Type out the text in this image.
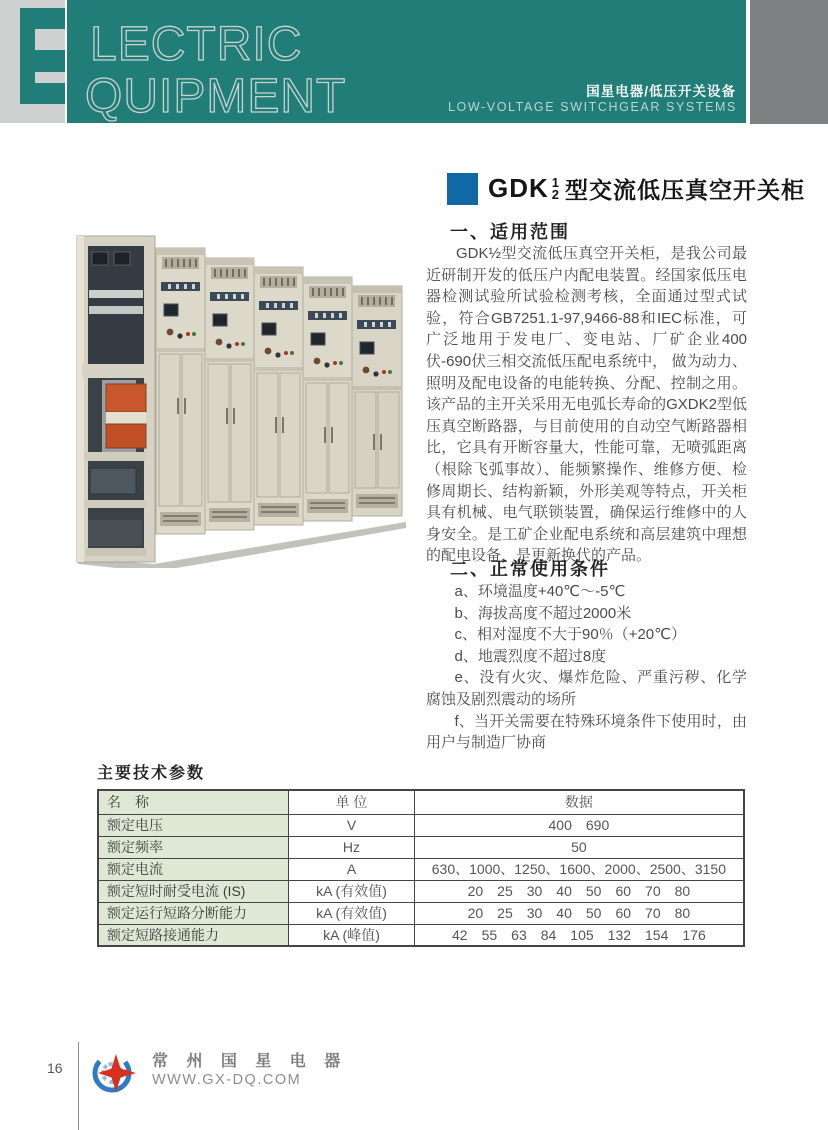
LECTRIC
QUIPMENT	国星电器/低压开关设备
LOW-VOLTAGE SWITCHGEAR SYSTEMS
GDK 1
2 型交流低压真空开关柜
一、适用范围
GDK½型交流低压真空开关柜，是我公司最近研制开发的低压户内配电装置。经国家低压电器检测试验所试验检测考核，全面通过型式试验，符合GB7251.1-97,9466-88和IEC标准，可广泛地用于发电厂、变电站、厂矿企业400伏-690伏三相交流低压配电系统中， 做为动力、照明及配电设备的电能转换、分配、控制之用。该产品的主开关采用无电弧长寿命的GXDK2型低压真空断路器，与目前使用的自动空气断路器相比，它具有开断容量大，性能可靠，无喷弧距离（根除飞弧事故）、能频繁操作、维修方便、检修周期长、结构新颖，外形美观等特点，开关柜具有机械、电气联锁装置，确保运行维修中的人身安全。是工矿企业配电系统和高层建筑中理想的配电设备，是更新换代的产品。
二、正常使用条件

a、环境温度+40℃～-5℃

b、海拔高度不超过2000米

c、相对湿度不大于90％（+20℃）

d、地震烈度不超过8度

e、没有火灾、爆炸危险、严重污秽、化学腐蚀及剧烈震动的场所

f、当开关需要在特殊环境条件下使用时，由用户与制造厂协商

主要技术参数
名　称	单 位	数据
额定电压	V	400　690
额定频率	Hz	50
额定电流	A	630、1000、1250、1600、2000、2500、3150
额定短时耐受电流 (IS)	kA (有效值)	20　25　30　40　50　60　70　80
额定运行短路分断能力	kA (有效值)	20　25　30　40　50　60　70　80
额定短路接通能力	kA (峰值)	42　55　63　84　105　132　154　176
16	常 州 国 星 电 器
WWW.GX-DQ.COM
